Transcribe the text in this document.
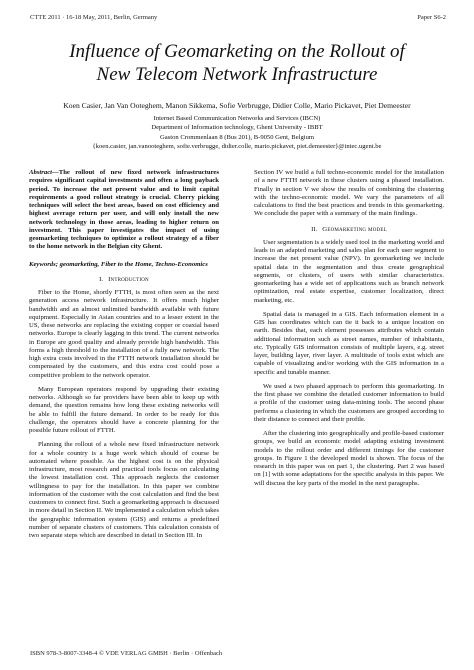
CTTE 2011 · 16-18 May, 2011, Berlin, Germany	Paper S6-2
Influence of Geomarketing on the Rollout of
New Telecom Network Infrastructure
Koen Casier, Jan Van Ooteghem, Manon Sikkema, Sofie Verbrugge, Didier Colle, Mario Pickavet, Piet Demeester
Internet Based Communication Networks and Services (IBCN)
Department of Information technology, Ghent University - IBBT
Gaston Crommenlaan 8 (Bus 201), B-9050 Gent, Belgium
{koen.casier, jan.vanooteghem, sofie.verbrugge, didier.colle, mario.pickavet, piet.demeester}@intec.ugent.be

Abstract—The rollout of new fixed network infrastructures requires significant capital investments and often a long payback period. To increase the net present value and to limit capital requirements a good rollout strategy is crucial. Cherry picking techniques will select the best areas, based on cost efficiency and highest average return per user, and will only install the new network technology in those areas, leading to higher return on investment. This paper investigates the impact of using geomarketing techniques to optimize a rollout strategy of a fiber to the home network in the Belgian city Ghent.

Keywords; geomarketing, Fiber to the Home, Techno-Economics

I. Introduction

Fiber to the Home, shortly FTTH, is most often seen as the next generation access network infrastructure. It offers much higher bandwidth and an almost unlimited bandwidth available with future equipment. Especially in Asian countries and to a lesser extent in the US, these networks are replacing the existing copper or coaxial based networks. Europe is clearly lagging in this trend. The current networks in Europe are good quality and already provide high bandwidth. This forms a high threshold to the installation of a fully new network. The high extra costs involved in the FTTH network installation should be compensated by the customers, and this extra cost could pose a competitive problem to the network operator.

Many European operators respond by upgrading their existing networks. Although so far providers have been able to keep up with demand, the question remains how long these existing networks will be able to fulfill the future demand. In order to be ready for this challenge, the operators should have a concrete planning for the possible future rollout of FTTH.

Planning the rollout of a whole new fixed infrastructure network for a whole country is a huge work which should of course be automated where possible. As the highest cost is on the physical infrastructure, most research and practical tools focus on calculating the lowest installation cost. This approach neglects the customer willingness to pay for the installation. In this paper we combine information of the customer with the cost calculation and find the best customers to connect first. Such a geomarketing approach is discussed in more detail in Section II. We implemented a calculation which takes the geographic information system (GIS) and returns a predefined number of separate clusters of customers. This calculation consists of two separate steps which are described in detail in Section III. In

Section IV we build a full techno-economic model for the installation of a new FTTH network in these clusters using a phased installation. Finally in section V we show the results of combining the clustering with the techno-economic model. We vary the parameters of all calculations to find the best practices and trends in this geomarketing. We conclude the paper with a summary of the main findings.

II. Geomarketing model

User segmentation is a widely used tool in the marketing world and leads to an adapted marketing and sales plan for each user segment to increase the net present value (NPV). In geomarketing we include spatial data in the segmentation and thus create geographical segments, or clusters, of users with similar characteristics. geomarketing has a wide set of applications such as branch network optimization, real estate expertise, customer localization, direct marketing, etc.

Spatial data is managed in a GIS. Each information element in a GIS has coordinates which can tie it back to a unique location on earth. Besides that, each element possesses attributes which contain additional information such as street names, number of inhabitants, etc. Typically GIS information consists of multiple layers, e.g. street layer, building layer, river layer. A multitude of tools exist which are capable of visualizing and/or working with the GIS information in a specific and tunable manner.

We used a two phased approach to perform this geomarketing. In the first phase we combine the detailed customer information to build a profile of the customer using data-mining tools. The second phase performs a clustering in which the customers are grouped according to their distance to connect and their profile.

After the clustering into geographically and profile-based customer groups, we build an economic model adapting existing investment models to the rollout order and different timings for the customer groups. In Figure 1 the developed model is shown. The focus of the research in this paper was on part 1, the clustering. Part 2 was based on [1] with some adaptations for the specific analysis in this paper. We will discuss the key parts of the model in the next paragraphs.

ISBN 978-3-8007-3348-4 © VDE VERLAG GMBH · Berlin · Offenbach
